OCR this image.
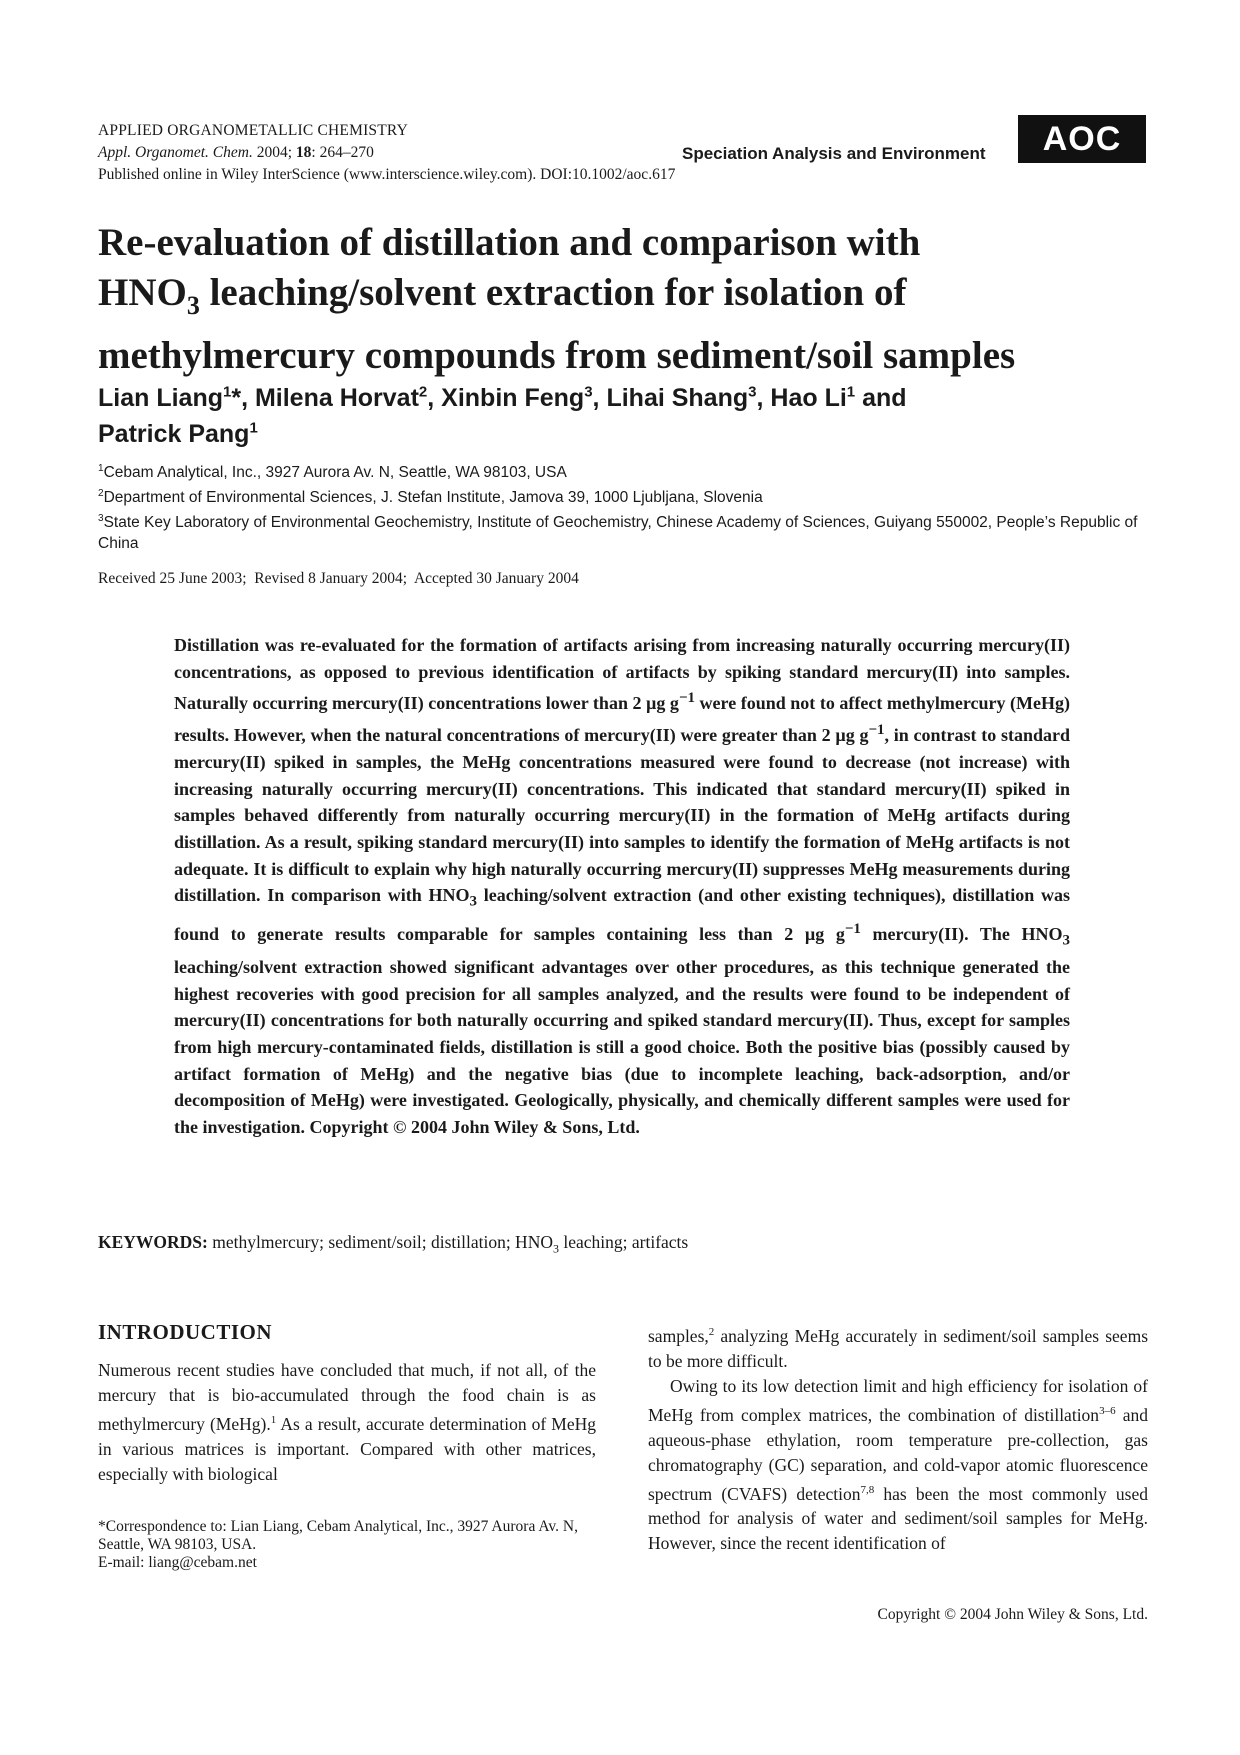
APPLIED ORGANOMETALLIC CHEMISTRY
Appl. Organomet. Chem. 2004; 18: 264–270
Published online in Wiley InterScience (www.interscience.wiley.com). DOI:10.1002/aoc.617
Speciation Analysis and Environment	AOC
Re-evaluation of distillation and comparison with
$HNO_3$ leaching/solvent extraction for isolation of
methylmercury compounds from sediment/soil samples
Lian Liang$^1$*, Milena Horvat$^2$, Xinbin Feng$^3$, Lihai Shang$^3$, Hao Li$^1$ and
Patrick Pang$^1$

$^1$Cebam Analytical, Inc., 3927 Aurora Av. N, Seattle, WA 98103, USA

$^2$Department of Environmental Sciences, J. Stefan Institute, Jamova 39, 1000 Ljubljana, Slovenia

$^3$State Key Laboratory of Environmental Geochemistry, Institute of Geochemistry, Chinese Academy of Sciences, Guiyang 550002, People’s Republic of China

Received 25 June 2003;  Revised 8 January 2004;  Accepted 30 January 2004

Distillation was re-evaluated for the formation of artifacts arising from increasing naturally occurring mercury(II) concentrations, as opposed to previous identification of artifacts by spiking standard mercury(II) into samples. Naturally occurring mercury(II) concentrations lower than 2 µg $g^{-1}$ were found not to affect methylmercury (MeHg) results. However, when the natural concentrations of mercury(II) were greater than 2 µg $g^{-1}$, in contrast to standard mercury(II) spiked in samples, the MeHg concentrations measured were found to decrease (not increase) with increasing naturally occurring mercury(II) concentrations. This indicated that standard mercury(II) spiked in samples behaved differently from naturally occurring mercury(II) in the formation of MeHg artifacts during distillation. As a result, spiking standard mercury(II) into samples to identify the formation of MeHg artifacts is not adequate. It is difficult to explain why high naturally occurring mercury(II) suppresses MeHg measurements during distillation. In comparison with $HNO_3$ leaching/solvent extraction (and other existing techniques), distillation was found to generate results comparable for samples containing less than 2 µg $g^{-1}$ mercury(II). The $HNO_3$ leaching/solvent extraction showed significant advantages over other procedures, as this technique generated the highest recoveries with good precision for all samples analyzed, and the results were found to be independent of mercury(II) concentrations for both naturally occurring and spiked standard mercury(II). Thus, except for samples from high mercury-contaminated fields, distillation is still a good choice. Both the positive bias (possibly caused by artifact formation of MeHg) and the negative bias (due to incomplete leaching, back-adsorption, and/or decomposition of MeHg) were investigated. Geologically, physically, and chemically different samples were used for the investigation. Copyright © 2004 John Wiley & Sons, Ltd.

KEYWORDS: methylmercury; sediment/soil; distillation; $HNO_3$ leaching; artifacts
INTRODUCTION

Numerous recent studies have concluded that much, if not all, of the mercury that is bio-accumulated through the food chain is as methylmercury (MeHg).$^1$ As a result, accurate determination of MeHg in various matrices is important. Compared with other matrices, especially with biological

*Correspondence to: Lian Liang, Cebam Analytical, Inc., 3927 Aurora Av. N, Seattle, WA 98103, USA.

E-mail: liang@cebam.net

samples,$^2$ analyzing MeHg accurately in sediment/soil samples seems to be more difficult.

Owing to its low detection limit and high efficiency for isolation of MeHg from complex matrices, the combination of distillation$^{3-6}$ and aqueous-phase ethylation, room temperature pre-collection, gas chromatography (GC) separation, and cold-vapor atomic fluorescence spectrum (CVAFS) detection$^{7,8}$ has been the most commonly used method for analysis of water and sediment/soil samples for MeHg. However, since the recent identification of

Copyright © 2004 John Wiley & Sons, Ltd.
